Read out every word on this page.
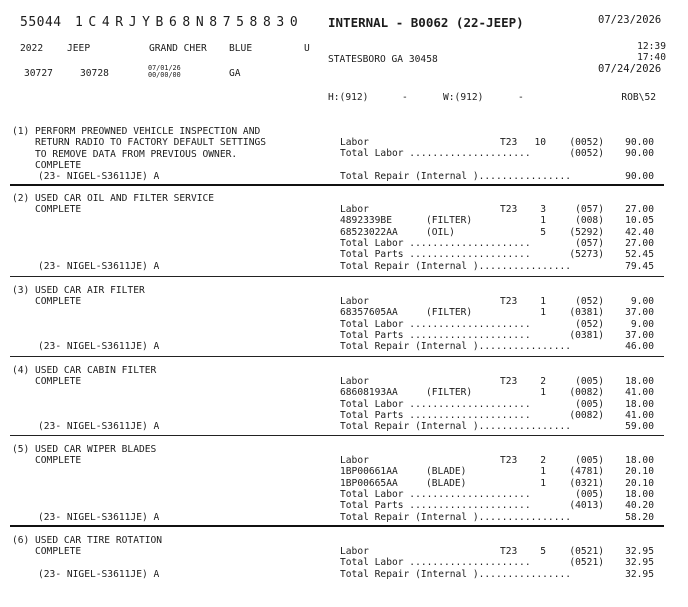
55044 1C4RJYB68N8758830 INTERNAL - B0062 (22-JEEP)	07/23/2026
2022 JEEP	GRAND CHER BLUE	U	12:39
17:40
STATESBORO GA 30458
07/24/2026
30727	30728	07/01/26
00/00/00	GA
H:(912)	-	W:(912)	-	ROB\52
(1) PERFORM PREOWNED VEHICLE INSPECTION AND
RETURN RADIO TO FACTORY DEFAULT SETTINGS
TO REMOVE DATA FROM PREVIOUS OWNER.
COMPLETE
Labor	T23	10	(0052)	90.00
Total Labor .....................	(0052)	90.00
Total Repair (Internal )................	90.00
(23- NIGEL-S3611JE) A
(2) USED CAR OIL AND FILTER SERVICE
COMPLETE	Labor	T23	3	(057)	27.00
4892339BE	(FILTER)	1	(008)	10.05
68523022AA	(OIL)	5	(5292)	42.40
Total Labor .....................	(057)	27.00
Total Parts .....................	(5273)	52.45
Total Repair (Internal )................	79.45
(23- NIGEL-S3611JE) A
(3) USED CAR AIR FILTER
COMPLETE	Labor	T23	1	(052)	9.00
68357605AA	(FILTER)	1	(0381)	37.00
Total Labor .....................	(052)	9.00
Total Parts .....................	(0381)	37.00
Total Repair (Internal )................	46.00
(23- NIGEL-S3611JE) A
(4) USED CAR CABIN FILTER
COMPLETE	Labor	T23	2	(005)	18.00
68608193AA	(FILTER)	1	(0082)	41.00
Total Labor .....................	(005)	18.00
Total Parts .....................	(0082)	41.00
Total Repair (Internal )................	59.00
(23- NIGEL-S3611JE) A
(5) USED CAR WIPER BLADES
COMPLETE	Labor	T23	2	(005)	18.00
1BP00661AA	(BLADE)	1	(4781)	20.10
1BP00665AA	(BLADE)	1	(0321)	20.10
Total Labor .....................	(005)	18.00
Total Parts .....................	(4013)	40.20
Total Repair (Internal )................	58.20
(23- NIGEL-S3611JE) A
(6) USED CAR TIRE ROTATION
COMPLETE	Labor	T23	5	(0521)	32.95
Total Labor .....................	(0521)	32.95
Total Repair (Internal )................	32.95
(23- NIGEL-S3611JE) A
